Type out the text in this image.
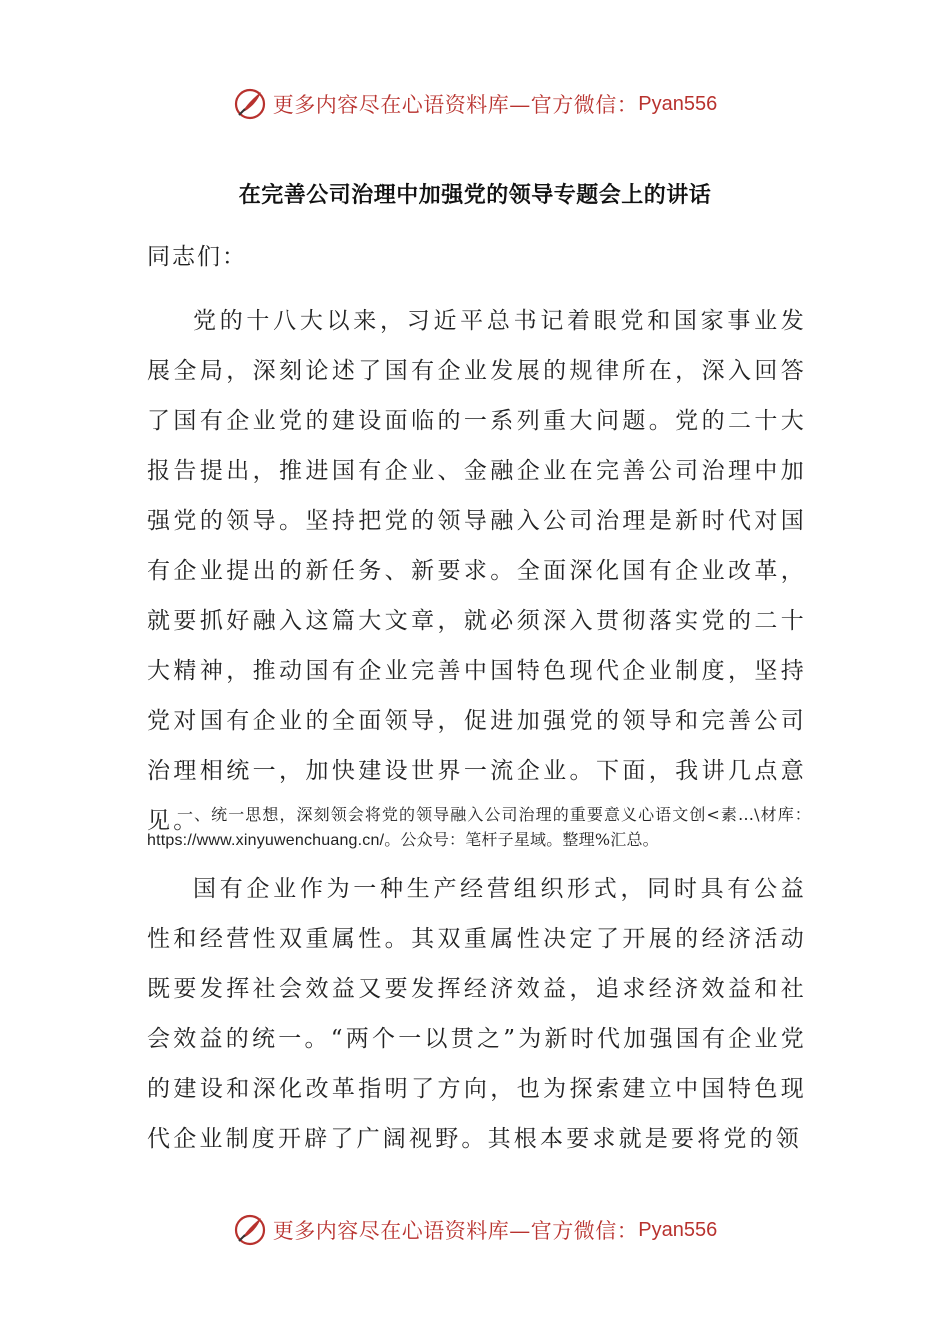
更多内容尽在心语资料库—官方微信： Pyan556
在完善公司治理中加强党的领导专题会上的讲话
同志们：

党的十八大以来，习近平总书记着眼党和国家事业发展全局，深刻论述了国有企业发展的规律所在，深入回答了国有企业党的建设面临的一系列重大问题。党的二十大报告提出，推进国有企业、金融企业在完善公司治理中加强党的领导。坚持把党的领导融入公司治理是新时代对国有企业提出的新任务、新要求。全面深化国有企业改革，就要抓好融入这篇大文章，就必须深入贯彻落实党的二十大精神，推动国有企业完善中国特色现代企业制度，坚持党对国有企业的全面领导，促进加强党的领导和完善公司治理相统一，加快建设世界一流企业。下面，我讲几点意见。

一、统一思想，深刻领会将党的领导融入公司治理的重要意义心语文创<素…\材库：https://www.xinyuwenchuang.cn/。公众号：笔杆子星域。整理%汇总。

国有企业作为一种生产经营组织形式，同时具有公益性和经营性双重属性。其双重属性决定了开展的经济活动既要发挥社会效益又要发挥经济效益，追求经济效益和社会效益的统一。“两个一以贯之”为新时代加强国有企业党的建设和深化改革指明了方向，也为探索建立中国特色现代企业制度开辟了广阔视野。其根本要求就是要将党的领

更多内容尽在心语资料库—官方微信： Pyan556
